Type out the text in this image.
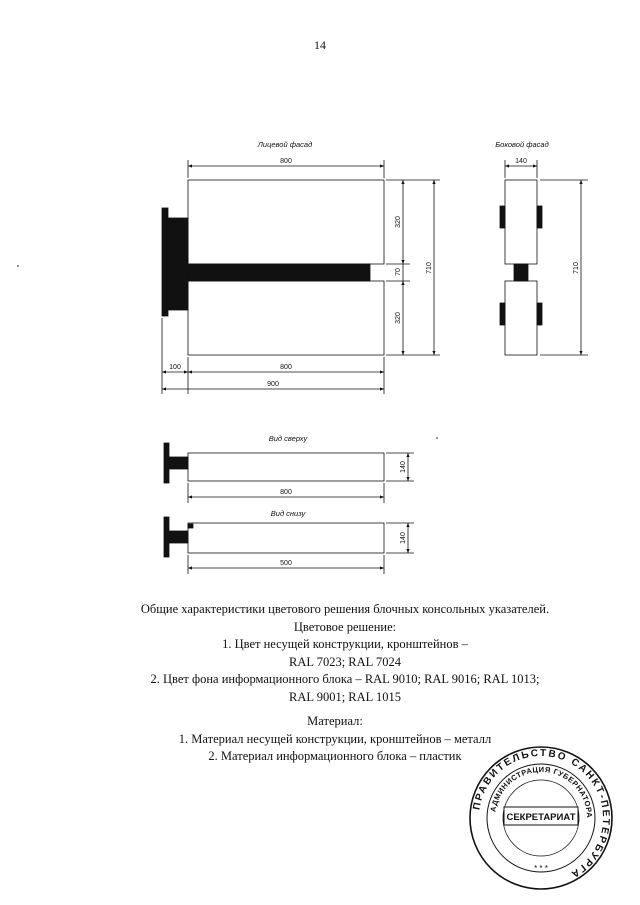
14
Лицевой фасад
800
320
70
320
710
100	800
900
Боковой фасад
140
710
Вид сверху
140
800
Вид снизу
140
500
Общие характеристики цветового решения блочных консольных указателей.
Цветовое решение:
1. Цвет несущей конструкции, кронштейнов –
RAL 7023; RAL 7024
2. Цвет фона информационного блока – RAL 9010; RAL 9016; RAL 1013;
RAL 9001; RAL 1015
Материал:
1. Материал несущей конструкции, кронштейнов – металл
2. Материал информационного блока – пластик
ПРАВИТЕЛЬСТВО САНКТ-ПЕТЕРБУРГА
АДМИНИСТРАЦИЯ ГУБЕРНАТОРА
СЕКРЕТАРИАТ
* * *
